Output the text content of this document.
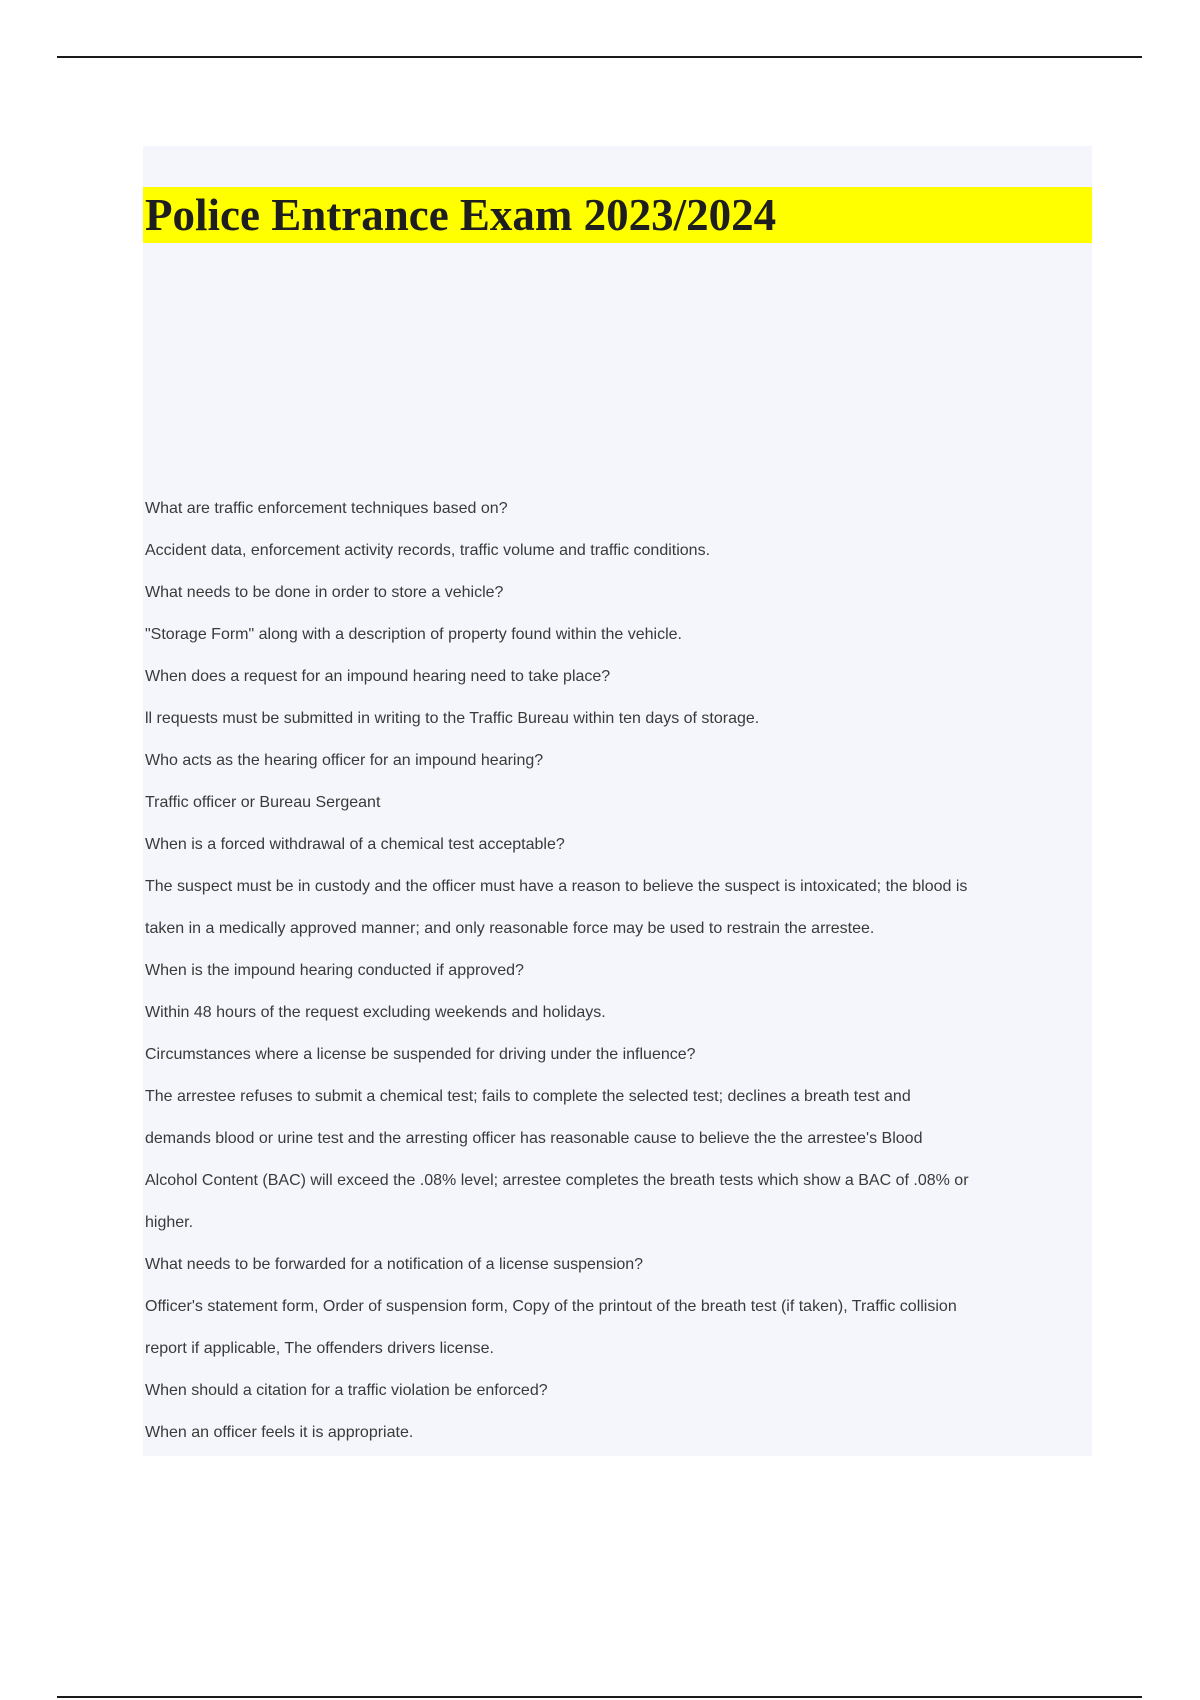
Police Entrance Exam 2023/2024

What are traffic enforcement techniques based on?

Accident data, enforcement activity records, traffic volume and traffic conditions.

What needs to be done in order to store a vehicle?

"Storage Form" along with a description of property found within the vehicle.

When does a request for an impound hearing need to take place?

ll requests must be submitted in writing to the Traffic Bureau within ten days of storage.

Who acts as the hearing officer for an impound hearing?

Traffic officer or Bureau Sergeant

When is a forced withdrawal of a chemical test acceptable?

The suspect must be in custody and the officer must have a reason to believe the suspect is intoxicated; the blood is

taken in a medically approved manner; and only reasonable force may be used to restrain the arrestee.

When is the impound hearing conducted if approved?

Within 48 hours of the request excluding weekends and holidays.

Circumstances where a license be suspended for driving under the influence?

The arrestee refuses to submit a chemical test; fails to complete the selected test; declines a breath test and

demands blood or urine test and the arresting officer has reasonable cause to believe the the arrestee's Blood

Alcohol Content (BAC) will exceed the .08% level; arrestee completes the breath tests which show a BAC of .08% or

higher.

What needs to be forwarded for a notification of a license suspension?

Officer's statement form, Order of suspension form, Copy of the printout of the breath test (if taken), Traffic collision

report if applicable, The offenders drivers license.

When should a citation for a traffic violation be enforced?

When an officer feels it is appropriate.
